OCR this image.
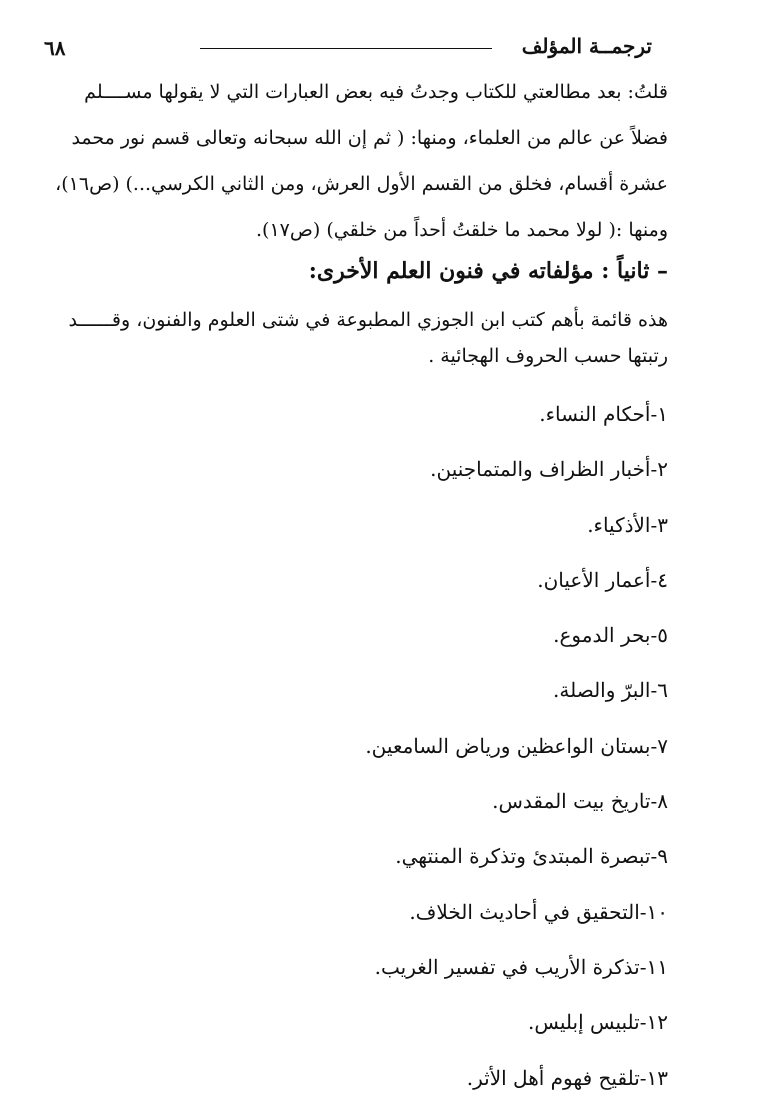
ترجمــة المؤلف
٦٨
قلتُ: بعد مطالعتي للكتاب وجدتُ فيه بعض العبارات التي لا يقولها مســــلم
فضلاً عن عالم من العلماء، ومنها: ( ثم إن الله سبحانه وتعالى قسم نور محمد
عشرة أقسام، فخلق من القسم الأول العرش، ومن الثاني الكرسي...) (ص١٦)،
ومنها :( لولا محمد ما خلقتُ أحداً من خلقي) (ص١٧).
– ثانياً : مؤلفاته في فنون العلم الأخرى:
هذه قائمة بأهم كتب ابن الجوزي المطبوعة في شتى العلوم والفنون، وقــــــد
رتبتها حسب الحروف الهجائية .
١-أحكام النساء.
٢-أخبار الظراف والمتماجنين.
٣-الأذكياء.
٤-أعمار الأعيان.
٥-بحر الدموع.
٦-البرّ والصلة.
٧-بستان الواعظين ورياض السامعين.
٨-تاريخ بيت المقدس.
٩-تبصرة المبتدئ وتذكرة المنتهي.
١٠-التحقيق في أحاديث الخلاف.
١١-تذكرة الأريب في تفسير الغريب.
١٢-تلبيس إبليس.
١٣-تلقيح فهوم أهل الأثر.
